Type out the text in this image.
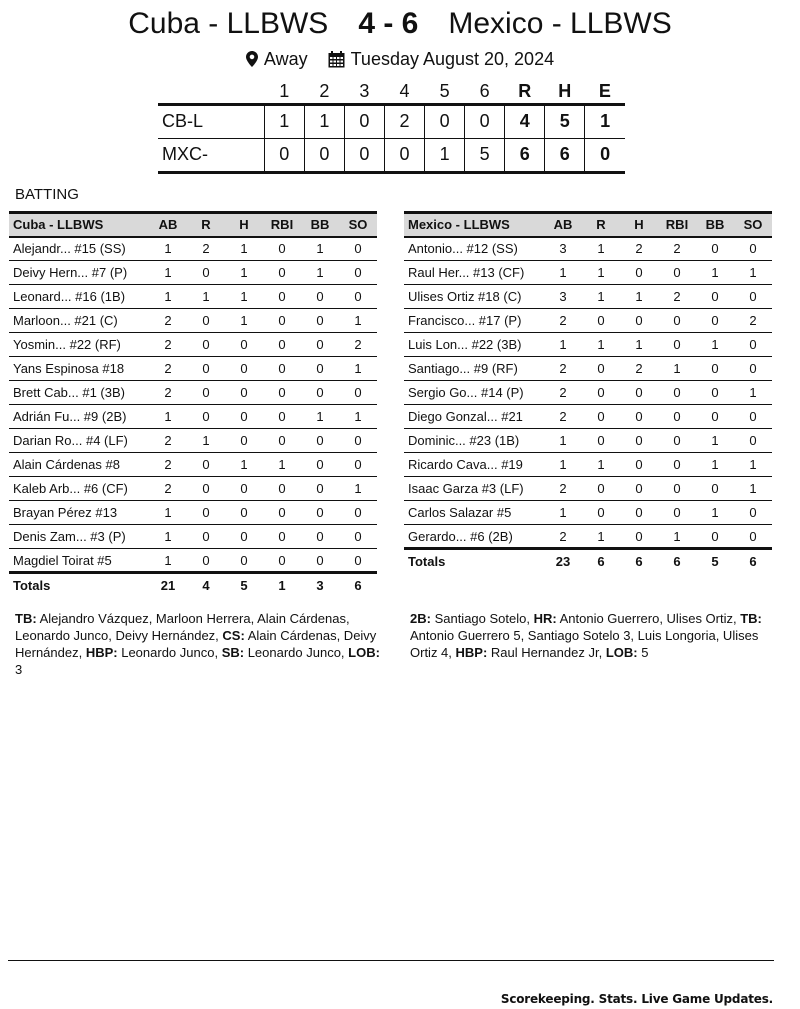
Cuba - LLBWS 4 - 6 Mexico - LLBWS
Away Tuesday August 20, 2024
	1	2	3	4	5	6	R	H	E
CB-L	1	1	0	2	0	0	4	5	1
MXC-	0	0	0	0	1	5	6	6	0
BATTING
Cuba - LLBWS	AB	R	H	RBI	BB	SO
Alejandr... #15 (SS)	1	2	1	0	1	0
Deivy Hern... #7 (P)	1	0	1	0	1	0
Leonard... #16 (1B)	1	1	1	0	0	0
Marloon... #21 (C)	2	0	1	0	0	1
Yosmin... #22 (RF)	2	0	0	0	0	2
Yans Espinosa #18	2	0	0	0	0	1
Brett Cab... #1 (3B)	2	0	0	0	0	0
Adrián Fu... #9 (2B)	1	0	0	0	1	1
Darian Ro... #4 (LF)	2	1	0	0	0	0
Alain Cárdenas #8	2	0	1	1	0	0
Kaleb Arb... #6 (CF)	2	0	0	0	0	1
Brayan Pérez #13	1	0	0	0	0	0
Denis Zam... #3 (P)	1	0	0	0	0	0
Magdiel Toirat #5	1	0	0	0	0	0
Totals	21	4	5	1	3	6
Mexico - LLBWS	AB	R	H	RBI	BB	SO
Antonio... #12 (SS)	3	1	2	2	0	0
Raul Her... #13 (CF)	1	1	0	0	1	1
Ulises Ortiz #18 (C)	3	1	1	2	0	0
Francisco... #17 (P)	2	0	0	0	0	2
Luis Lon... #22 (3B)	1	1	1	0	1	0
Santiago... #9 (RF)	2	0	2	1	0	0
Sergio Go... #14 (P)	2	0	0	0	0	1
Diego Gonzal... #21	2	0	0	0	0	0
Dominic... #23 (1B)	1	0	0	0	1	0
Ricardo Cava... #19	1	1	0	0	1	1
Isaac Garza #3 (LF)	2	0	0	0	0	1
Carlos Salazar #5	1	0	0	0	1	0
Gerardo... #6 (2B)	2	1	0	1	0	0
Totals	23	6	6	6	5	6
TB: Alejandro Vázquez, Marloon Herrera, Alain Cárdenas, Leonardo Junco, Deivy Hernández, CS: Alain Cárdenas, Deivy Hernández, HBP: Leonardo Junco, SB: Leonardo Junco, LOB: 3
2B: Santiago Sotelo, HR: Antonio Guerrero, Ulises Ortiz, TB: Antonio Guerrero 5, Santiago Sotelo 3, Luis Longoria, Ulises Ortiz 4, HBP: Raul Hernandez Jr, LOB: 5
Scorekeeping. Stats. Live Game Updates.
